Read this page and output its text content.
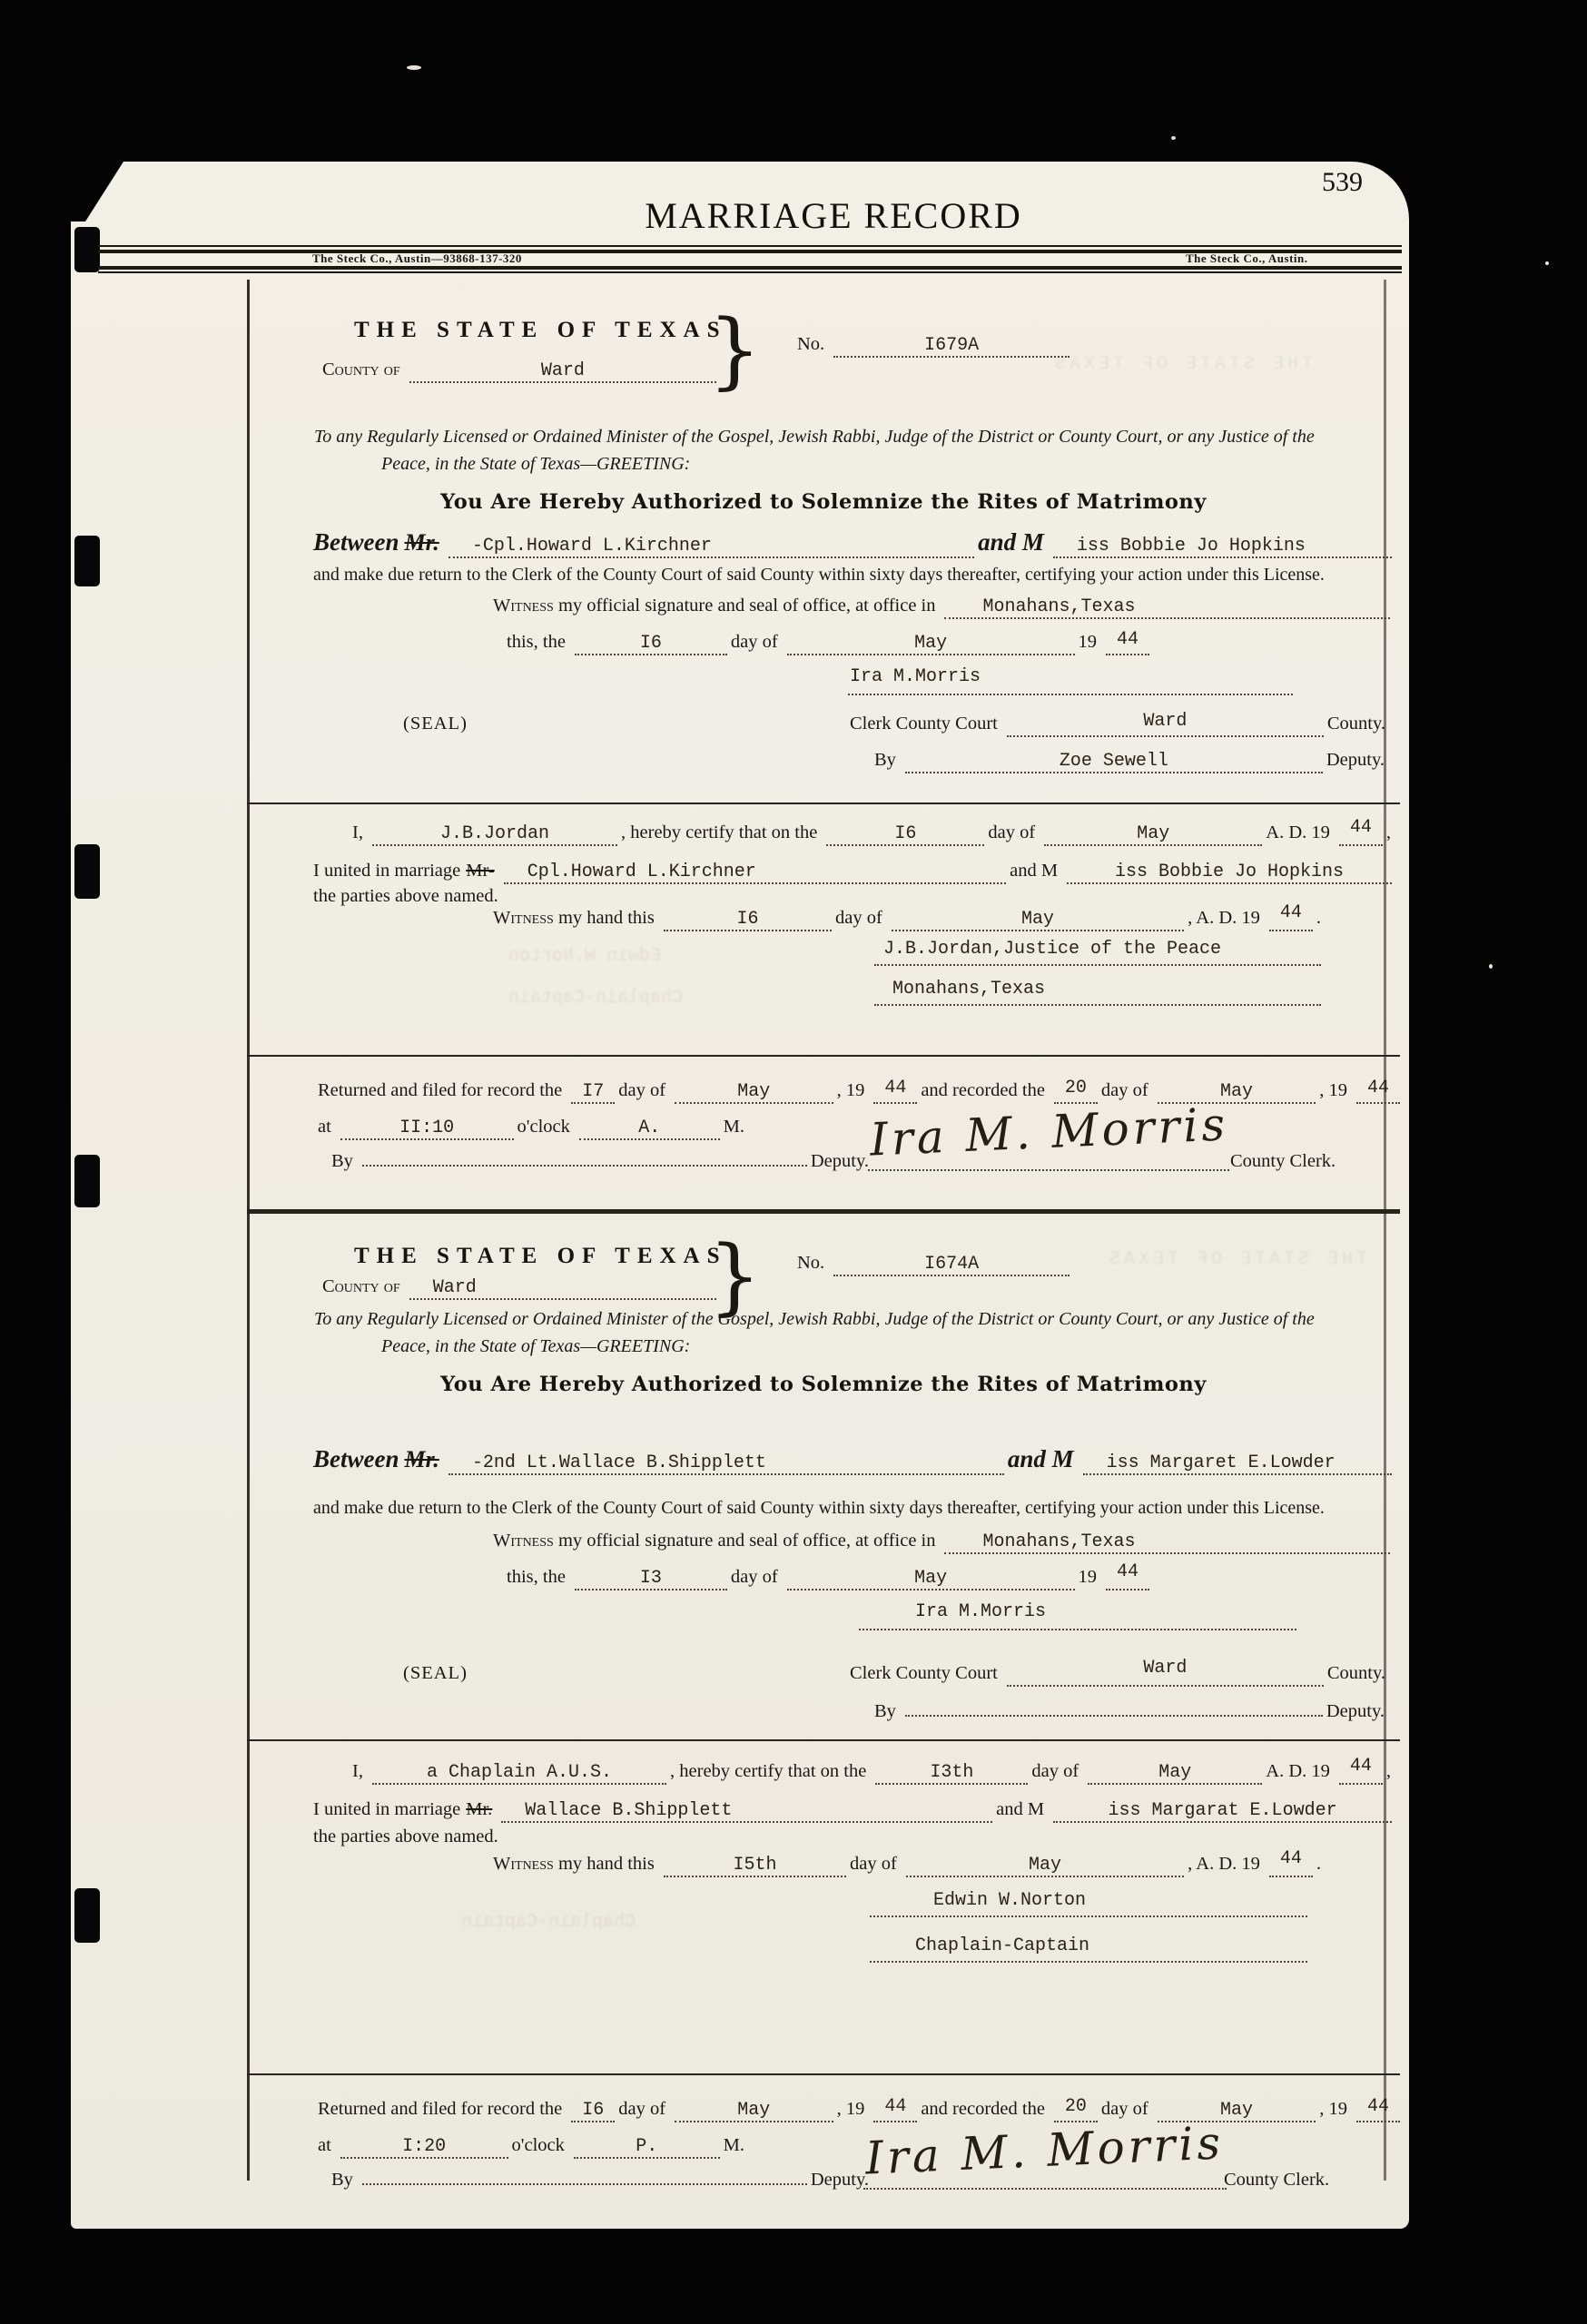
539
MARRIAGE RECORD
The Steck Co., Austin—93868-137-320	The Steck Co., Austin.
THE STATE OF TEXAS
THE STATE OF TEXAS
Edwin W.Norton
Chaplain-Captain
Chaplain-Captain
THE STATE OF TEXAS
}
County of	Ward
No.	I679A
To any Regularly Licensed or Ordained Minister of the Gospel, Jewish Rabbi, Judge of the District or County Court, or any Justice of the
Peace, in the State of Texas—GREETING:
You Are Hereby Authorized to Solemnize the Rites of Matrimony
Between Mr.	-Cpl.Howard L.Kirchner	and M	iss Bobbie Jo Hopkins
and make due return to the Clerk of the County Court of said County within sixty days thereafter, certifying your action under this License.
Witness my official signature and seal of office, at office in	Monahans,Texas
this, the	I6	day of	May	19	44
Ira M.Morris
(SEAL)	Clerk County Court	Ward	County.
By	Zoe Sewell	Deputy.
I,	J.B.Jordan	, hereby certify that on the	I6	day of	May	A. D. 19	44 ,
I united in marriage Mr-	Cpl.Howard L.Kirchner	and M	iss Bobbie Jo Hopkins
the parties above named.
Witness my hand this	I6	day of	May	, A. D. 19	44 .
J.B.Jordan,Justice of the Peace
Monahans,Texas
Returned and filed for record the	I7 day of	May	, 19	44 and recorded the	20 day of	May	, 19	44
at	II:10	o'clock	A.	M.
By	Deputy. Ira M. Morris County Clerk.
THE STATE OF TEXAS
}
County of	Ward
No.	I674A
To any Regularly Licensed or Ordained Minister of the Gospel, Jewish Rabbi, Judge of the District or County Court, or any Justice of the
Peace, in the State of Texas—GREETING:
You Are Hereby Authorized to Solemnize the Rites of Matrimony
Between Mr.	-2nd Lt.Wallace B.Shipplett	and M	iss Margaret E.Lowder
and make due return to the Clerk of the County Court of said County within sixty days thereafter, certifying your action under this License.
Witness my official signature and seal of office, at office in	Monahans,Texas
this, the	I3	day of	May	19	44
Ira M.Morris
(SEAL)	Clerk County Court	Ward	County.
By	Deputy.
I,	a Chaplain A.U.S.	, hereby certify that on the	I3th	day of	May	A. D. 19	44 ,
I united in marriage Mr.	Wallace B.Shipplett	and M	iss Margarat E.Lowder
the parties above named.
Witness my hand this	I5th	day of	May	, A. D. 19	44 .
Edwin W.Norton
Chaplain-Captain
Returned and filed for record the	I6 day of	May	, 19	44 and recorded the	20 day of	May	, 19	44
at	I:20	o'clock	P.	M.
By	Deputy.
Ira M. Morris
County Clerk.
